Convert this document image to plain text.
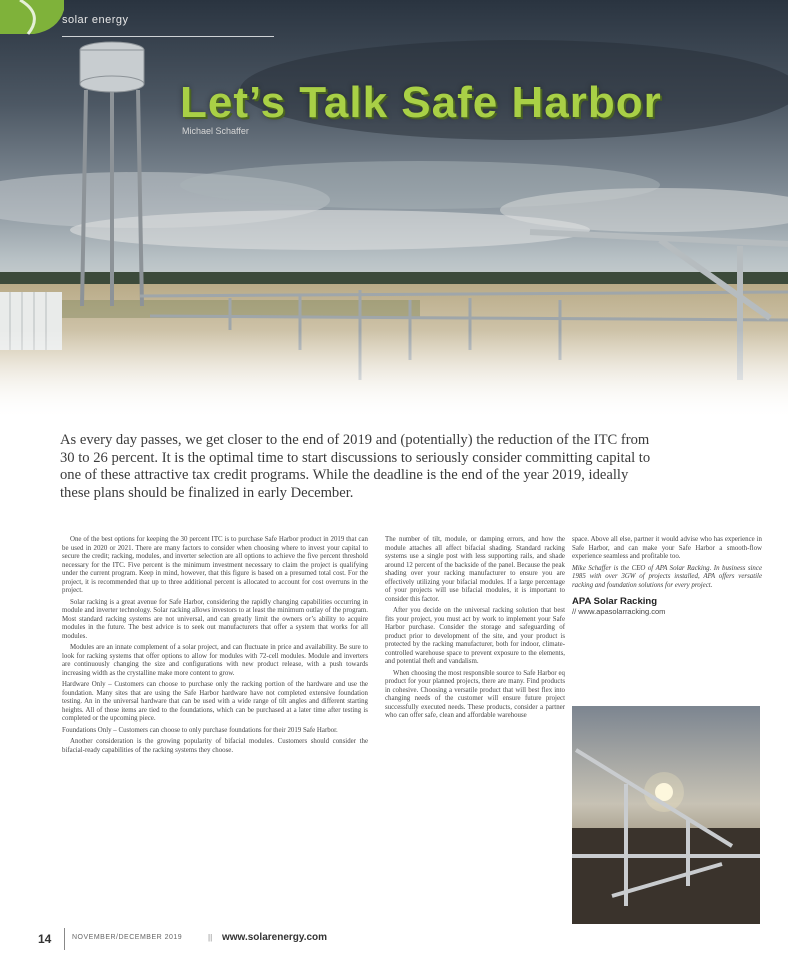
solar energy
Let’s Talk Safe Harbor
Michael Schaffer

As every day passes, we get closer to the end of 2019 and (potentially) the reduction of the ITC from 30 to 26 percent. It is the optimal time to start discussions to seriously consider committing capital to one of these attractive tax credit programs. While the deadline is the end of the year 2019, ideally these plans should be finalized in early December.

One of the best options for keeping the 30 percent ITC is to purchase Safe Harbor product in 2019 that can be used in 2020 or 2021. There are many factors to consider when choosing where to invest your capital to secure the credit; racking, modules, and inverter selection are all options to achieve the five percent threshold necessary for the ITC. Five percent is the minimum investment necessary to claim the project is qualifying under the current program. Keep in mind, however, that this figure is based on a presumed total cost. For the project, it is recommended that up to three additional percent is allocated to account for cost overruns in the project.

Solar racking is a great avenue for Safe Harbor, considering the rapidly changing capabilities occurring in module and inverter technology. Solar racking allows investors to at least the minimum outlay of the program. Most standard racking systems are not universal, and can greatly limit the owners or’s ability to acquire modules in the future. The best advice is to seek out manufacturers that offer a system that works for all modules.

Modules are an innate complement of a solar project, and can fluctuate in price and availability. Be sure to look for racking systems that offer options to allow for modules with 72-cell modules. Module and inverters are continuously changing the size and configurations with new product release, with a push towards increasing width as the crystalline make more content to grow.

Hardware Only – Customers can choose to purchase only the racking portion of the hardware and use the foundation. Many sites that are using the Safe Harbor hardware have not completed extensive foundation testing. An in the universal hardware that can be used with a wide range of tilt angles and different starting heights. All of those items are tied to the foundations, which can be purchased at a later time after testing is completed or the upcoming piece.

Foundations Only – Customers can choose to only purchase foundations for their 2019 Safe Harbor.

Another consideration is the growing popularity of bifacial modules. Customers should consider the bifacial-ready capabilities of the racking systems they choose.

The number of tilt, module, or damping errors, and how the module attaches all affect bifacial shading. Standard racking systems use a single post with less supporting rails, and shade around 12 percent of the backside of the panel. Because the peak shading over your racking manufacturer to ensure you are effectively utilizing your bifacial modules. If a large percentage of your projects will use bifacial modules, it is important to consider this factor.

After you decide on the universal racking solution that best fits your project, you must act by work to implement your Safe Harbor purchase. Consider the storage and safeguarding of product prior to development of the site, and your product is protected by the racking manufacturer, both for indoor, climate-controlled warehouse space to prevent exposure to the elements, and potential theft and vandalism.

When choosing the most responsible source to Safe Harbor eq product for your planned projects, there are many. Find products in cohesive. Choosing a versatile product that will best flex into changing needs of the customer will ensure future project successfully executed needs. These products, consider a partner who can offer safe, clean and affordable warehouse

space. Above all else, partner it would advise who has experience in Safe Harbor, and can make your Safe Harbor a smooth-flow experience seamless and profitable too.

Mike Schaffer is the CEO of APA Solar Racking. In business since 1985 with over 3GW of projects installed, APA offers versatile racking and foundation solutions for every project.

APA Solar Racking
// www.apasolarracking.com
14	NOVEMBER/DECEMBER 2019	|| www.solarenergy.com
